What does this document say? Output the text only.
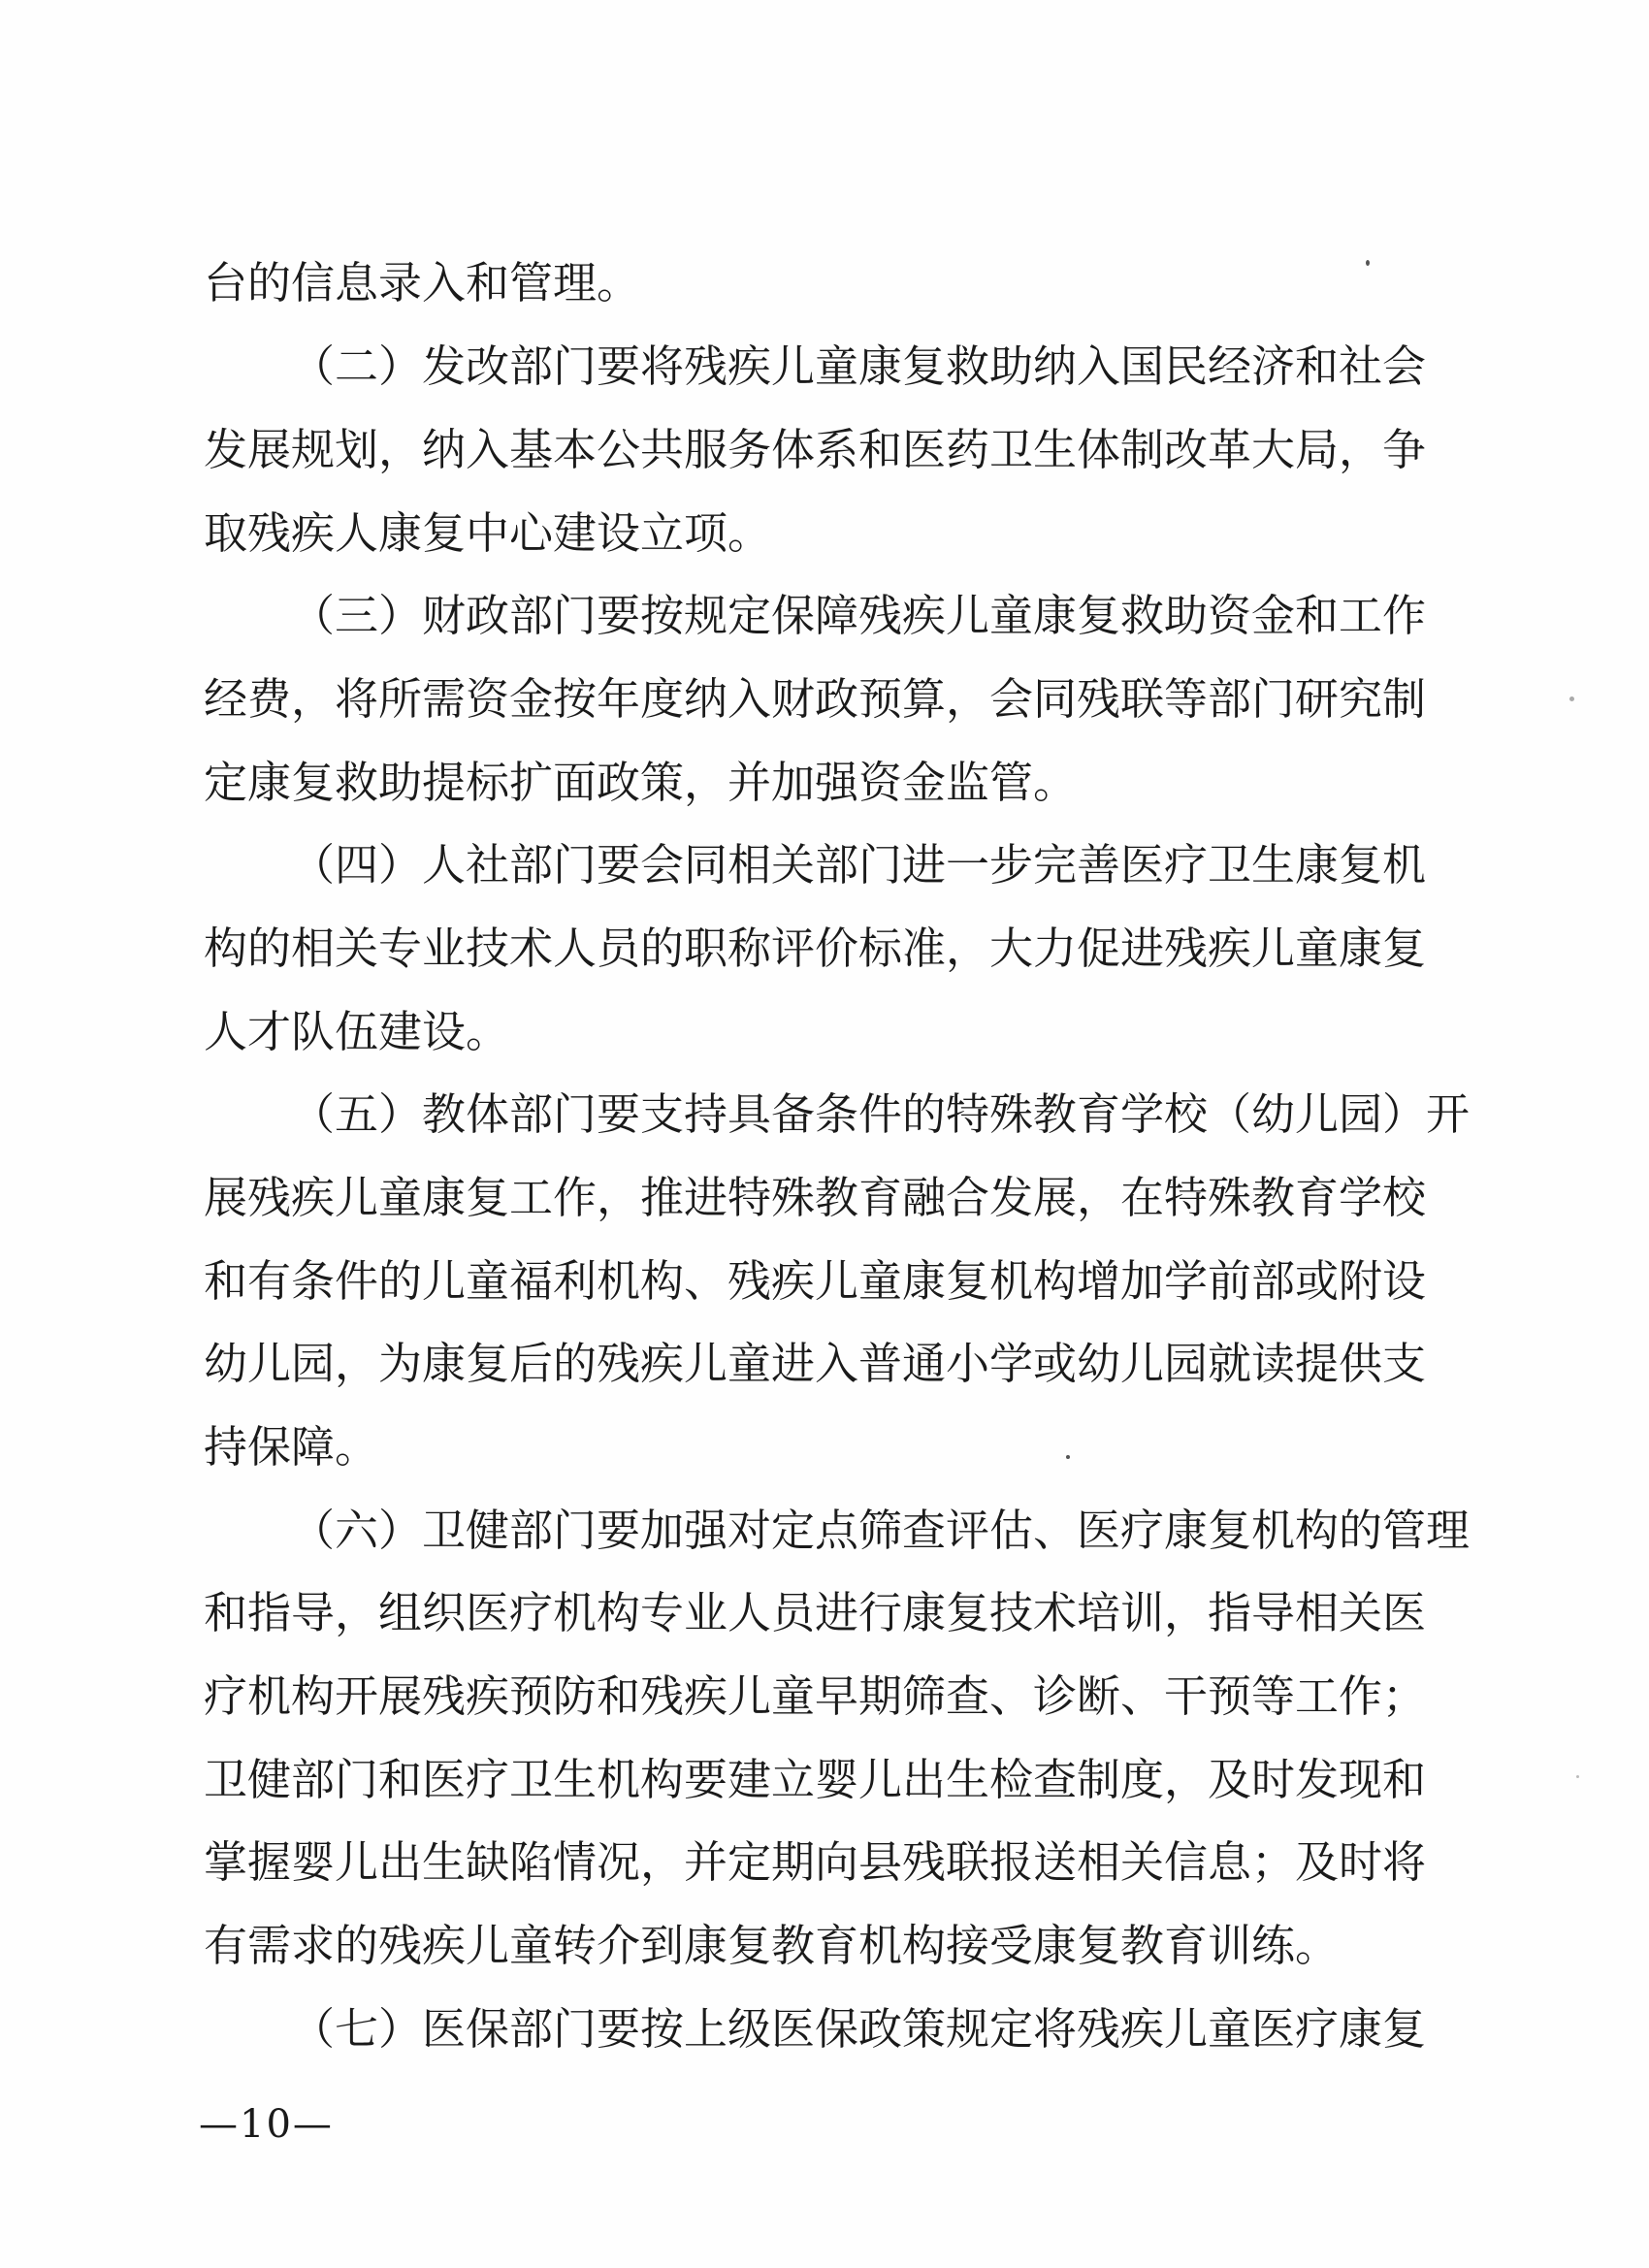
台的信息录入和管理。
（二）发改部门要将残疾儿童康复救助纳入国民经济和社会
发展规划，纳入基本公共服务体系和医药卫生体制改革大局，争
取残疾人康复中心建设立项。
（三）财政部门要按规定保障残疾儿童康复救助资金和工作
经费，将所需资金按年度纳入财政预算，会同残联等部门研究制
定康复救助提标扩面政策，并加强资金监管。
（四）人社部门要会同相关部门进一步完善医疗卫生康复机
构的相关专业技术人员的职称评价标准，大力促进残疾儿童康复
人才队伍建设。
（五）教体部门要支持具备条件的特殊教育学校（幼儿园）开
展残疾儿童康复工作，推进特殊教育融合发展，在特殊教育学校
和有条件的儿童福利机构、残疾儿童康复机构增加学前部或附设
幼儿园，为康复后的残疾儿童进入普通小学或幼儿园就读提供支
持保障。
（六）卫健部门要加强对定点筛查评估、医疗康复机构的管理
和指导，组织医疗机构专业人员进行康复技术培训，指导相关医
疗机构开展残疾预防和残疾儿童早期筛查、诊断、干预等工作；
卫健部门和医疗卫生机构要建立婴儿出生检查制度，及时发现和
掌握婴儿出生缺陷情况，并定期向县残联报送相关信息；及时将
有需求的残疾儿童转介到康复教育机构接受康复教育训练。
（七）医保部门要按上级医保政策规定将残疾儿童医疗康复
—10—
